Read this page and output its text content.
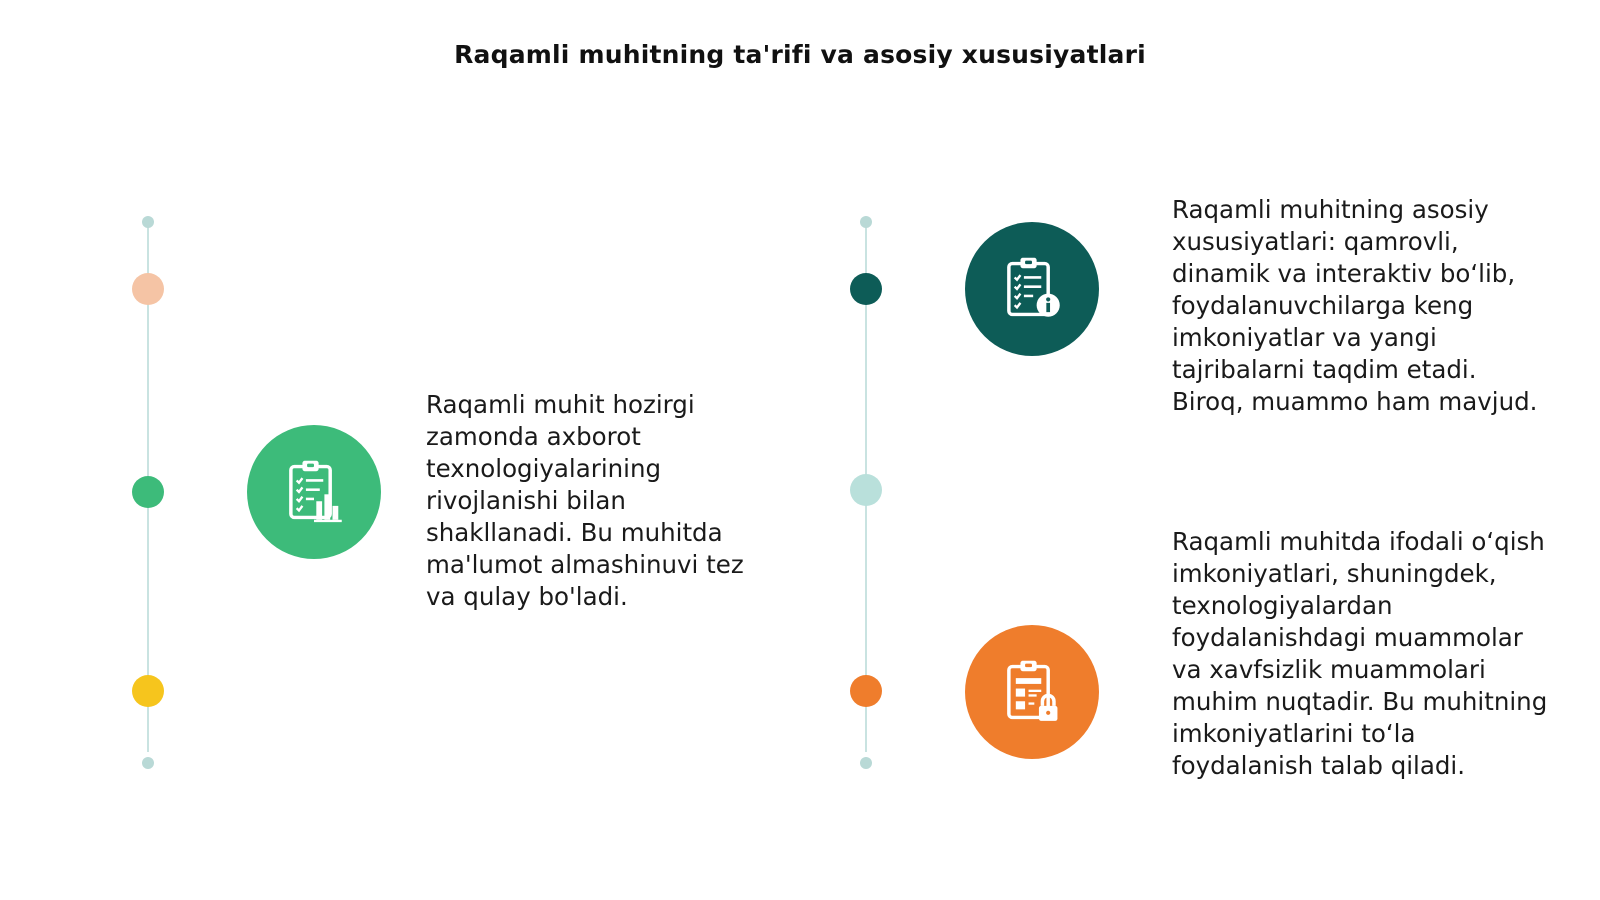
Raqamli muhitning ta'rifi va asosiy xususiyatlari
Raqamli muhit hozirgi zamonda axborot texnologiyalarining rivojlanishi bilan shakllanadi. Bu muhitda ma'lumot almashinuvi tez va qulay bo'ladi.
Raqamli muhitning asosiy xususiyatlari: qamrovli, dinamik va interaktiv bo‘lib, foydalanuvchilarga keng imkoniyatlar va yangi tajribalarni taqdim etadi. Biroq, muammo ham mavjud.
Raqamli muhitda ifodali o‘qish imkoniyatlari, shuningdek, texnologiyalardan foydalanishdagi muammolar va xavfsizlik muammolari muhim nuqtadir. Bu muhitning imkoniyatlarini to‘la foydalanish talab qiladi.
